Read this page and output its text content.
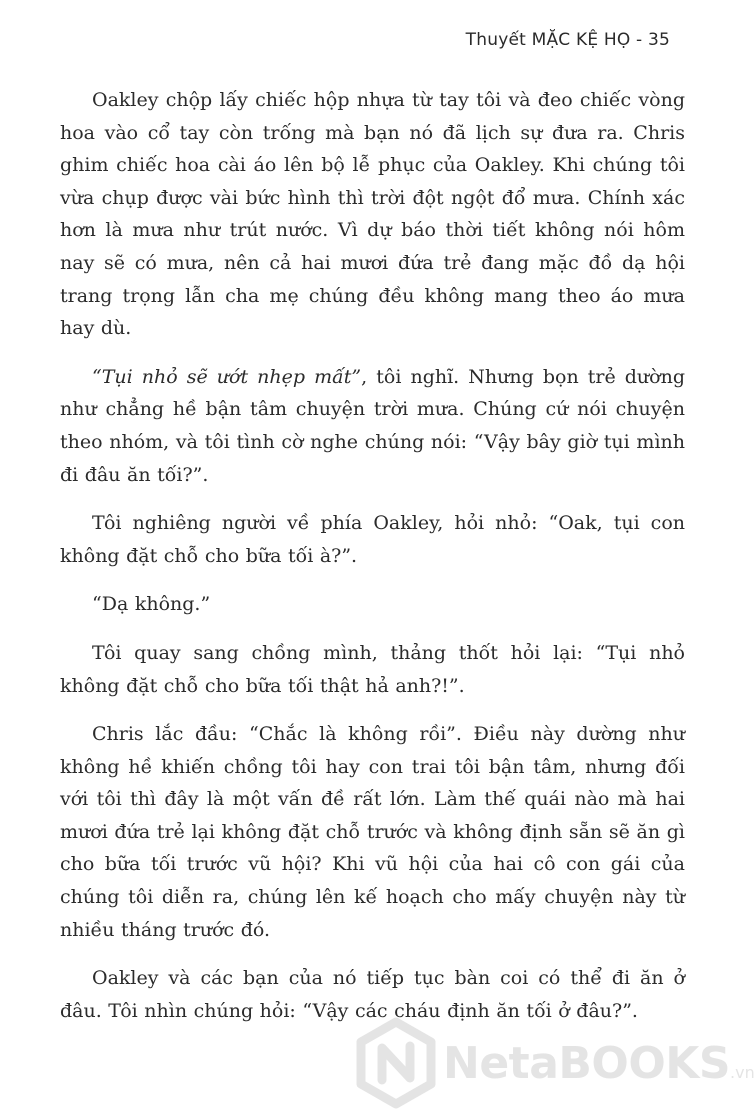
Thuyết MẶC KỆ HỌ - 35

Oakley chộp lấy chiếc hộp nhựa từ tay tôi và đeo chiếc vòng hoa vào cổ tay còn trống mà bạn nó đã lịch sự đưa ra. Chris ghim chiếc hoa cài áo lên bộ lễ phục của Oakley. Khi chúng tôi vừa chụp được vài bức hình thì trời đột ngột đổ mưa. Chính xác hơn là mưa như trút nước. Vì dự báo thời tiết không nói hôm nay sẽ có mưa, nên cả hai mươi đứa trẻ đang mặc đồ dạ hội trang trọng lẫn cha mẹ chúng đều không mang theo áo mưa hay dù.

“Tụi nhỏ sẽ ướt nhẹp mất”, tôi nghĩ. Nhưng bọn trẻ dường như chẳng hề bận tâm chuyện trời mưa. Chúng cứ nói chuyện theo nhóm, và tôi tình cờ nghe chúng nói: “Vậy bây giờ tụi mình đi đâu ăn tối?”.

Tôi nghiêng người về phía Oakley, hỏi nhỏ: “Oak, tụi con không đặt chỗ cho bữa tối à?”.

“Dạ không.”

Tôi quay sang chồng mình, thảng thốt hỏi lại: “Tụi nhỏ không đặt chỗ cho bữa tối thật hả anh?!”.

Chris lắc đầu: “Chắc là không rồi”. Điều này dường như không hề khiến chồng tôi hay con trai tôi bận tâm, nhưng đối với tôi thì đây là một vấn đề rất lớn. Làm thế quái nào mà hai mươi đứa trẻ lại không đặt chỗ trước và không định sẵn sẽ ăn gì cho bữa tối trước vũ hội? Khi vũ hội của hai cô con gái của chúng tôi diễn ra, chúng lên kế hoạch cho mấy chuyện này từ nhiều tháng trước đó.

Oakley và các bạn của nó tiếp tục bàn coi có thể đi ăn ở đâu. Tôi nhìn chúng hỏi: “Vậy các cháu định ăn tối ở đâu?”.

NetaBOOKS.vn
